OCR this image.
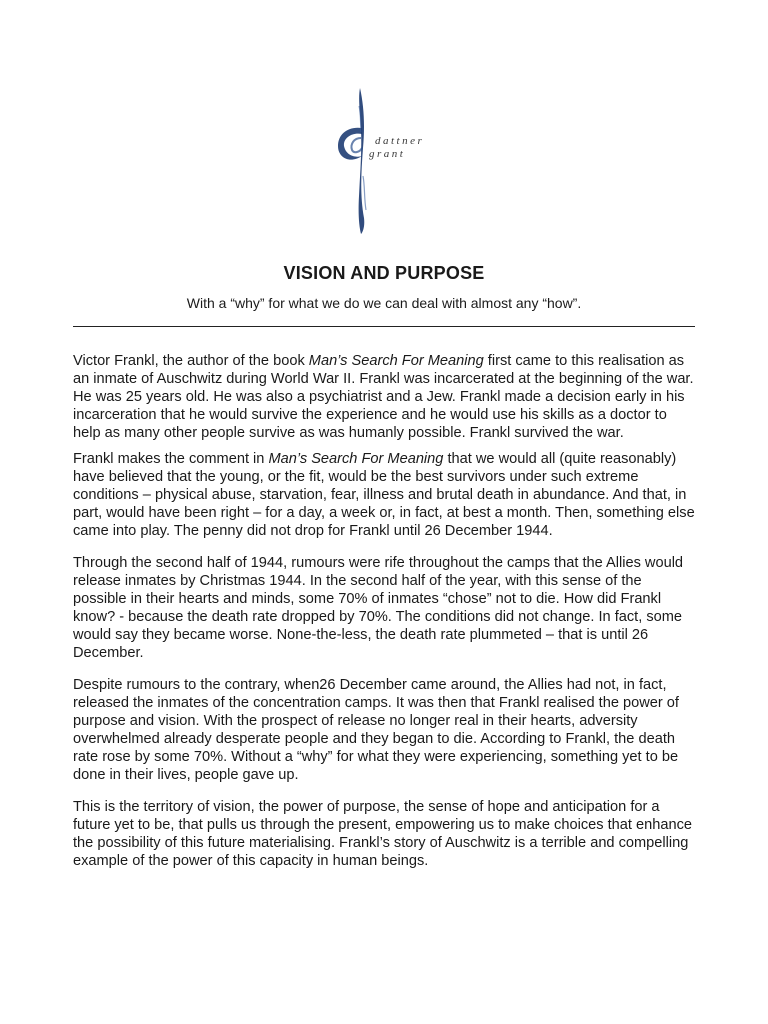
dattner
grant
VISION AND PURPOSE
With a “why” for what we do we can deal with almost any “how”.

Victor Frankl, the author of the book Man’s Search For Meaning first came to this realisation as an inmate of Auschwitz during World War II. Frankl was incarcerated at the beginning of the war. He was 25 years old. He was also a psychiatrist and a Jew. Frankl made a decision early in his incarceration that he would survive the experience and he would use his skills as a doctor to help as many other people survive as was humanly possible. Frankl survived the war.

Frankl makes the comment in Man’s Search For Meaning that we would all (quite reasonably) have believed that the young, or the fit, would be the best survivors under such extreme conditions – physical abuse, starvation, fear, illness and brutal death in abundance. And that, in part, would have been right – for a day, a week or, in fact, at best a month. Then, something else came into play. The penny did not drop for Frankl until 26 December 1944.

Through the second half of 1944, rumours were rife throughout the camps that the Allies would release inmates by Christmas 1944. In the second half of the year, with this sense of the possible in their hearts and minds, some 70% of inmates “chose” not to die. How did Frankl know? - because the death rate dropped by 70%. The conditions did not change. In fact, some would say they became worse. None-the-less, the death rate plummeted – that is until 26 December.

Despite rumours to the contrary, when26 December came around, the Allies had not, in fact, released the inmates of the concentration camps. It was then that Frankl realised the power of purpose and vision. With the prospect of release no longer real in their hearts, adversity overwhelmed already desperate people and they began to die. According to Frankl, the death rate rose by some 70%. Without a “why” for what they were experiencing, something yet to be done in their lives, people gave up.

This is the territory of vision, the power of purpose, the sense of hope and anticipation for a future yet to be, that pulls us through the present, empowering us to make choices that enhance the possibility of this future materialising. Frankl’s story of Auschwitz is a terrible and compelling example of the power of this capacity in human beings.
